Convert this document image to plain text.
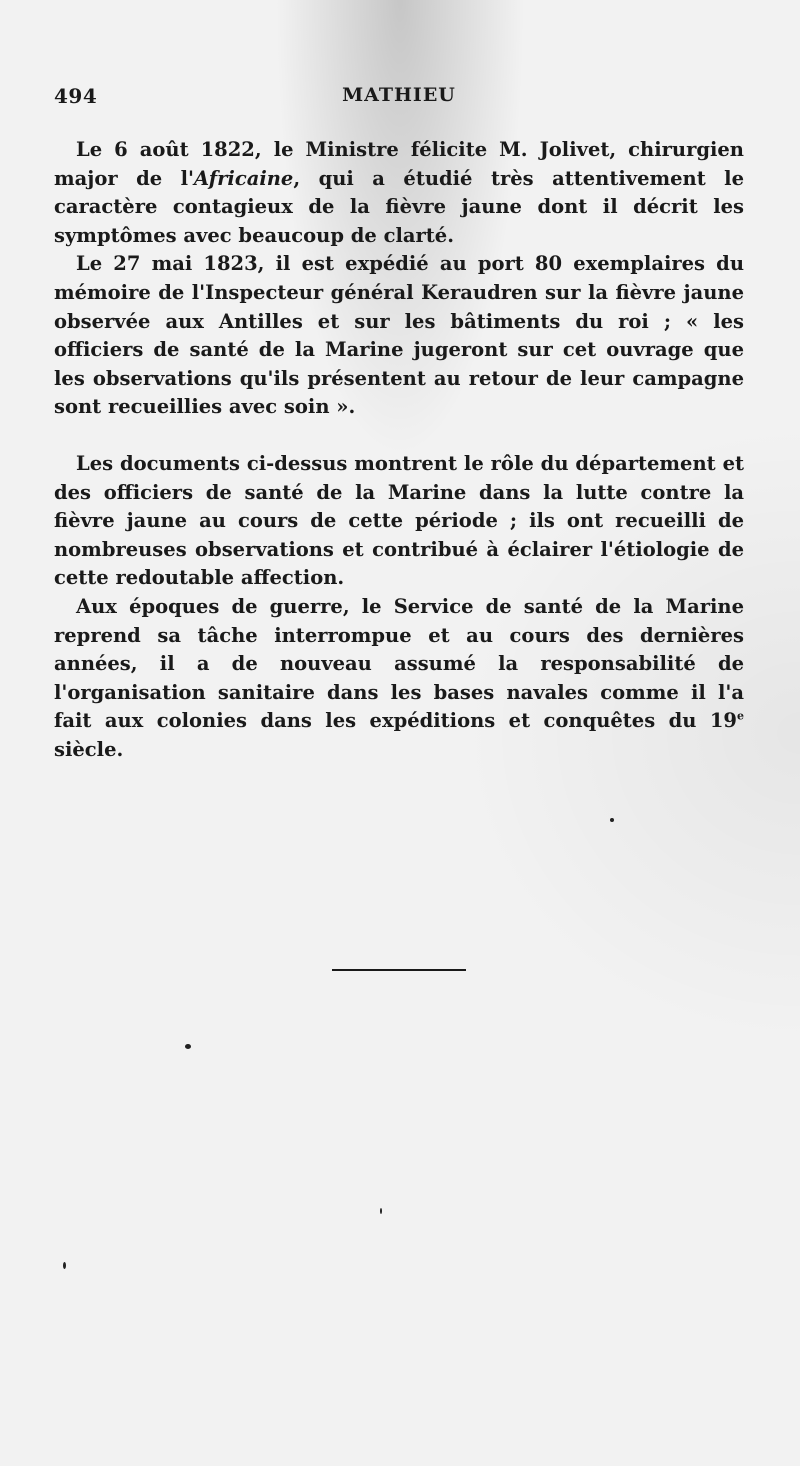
494	MATHIEU

Le 6 août 1822, le Ministre félicite M. Jolivet, chirurgien major de l'Africaine, qui a étudié très attentivement le caractère contagieux de la fièvre jaune dont il décrit les symptômes avec beaucoup de clarté.

Le 27 mai 1823, il est expédié au port 80 exemplaires du mémoire de l'Inspecteur général Keraudren sur la fièvre jaune observée aux Antilles et sur les bâtiments du roi ; « les officiers de santé de la Marine jugeront sur cet ouvrage que les observations qu'ils présentent au retour de leur campagne sont recueillies avec soin ».

Les documents ci-dessus montrent le rôle du département et des officiers de santé de la Marine dans la lutte contre la fièvre jaune au cours de cette période ; ils ont recueilli de nombreuses observations et contribué à éclairer l'étiologie de cette redoutable affection.

Aux époques de guerre, le Service de santé de la Marine reprend sa tâche interrompue et au cours des dernières années, il a de nouveau assumé la responsabilité de l'organisation sanitaire dans les bases navales comme il l'a fait aux colonies dans les expéditions et conquêtes du 19e siècle.
